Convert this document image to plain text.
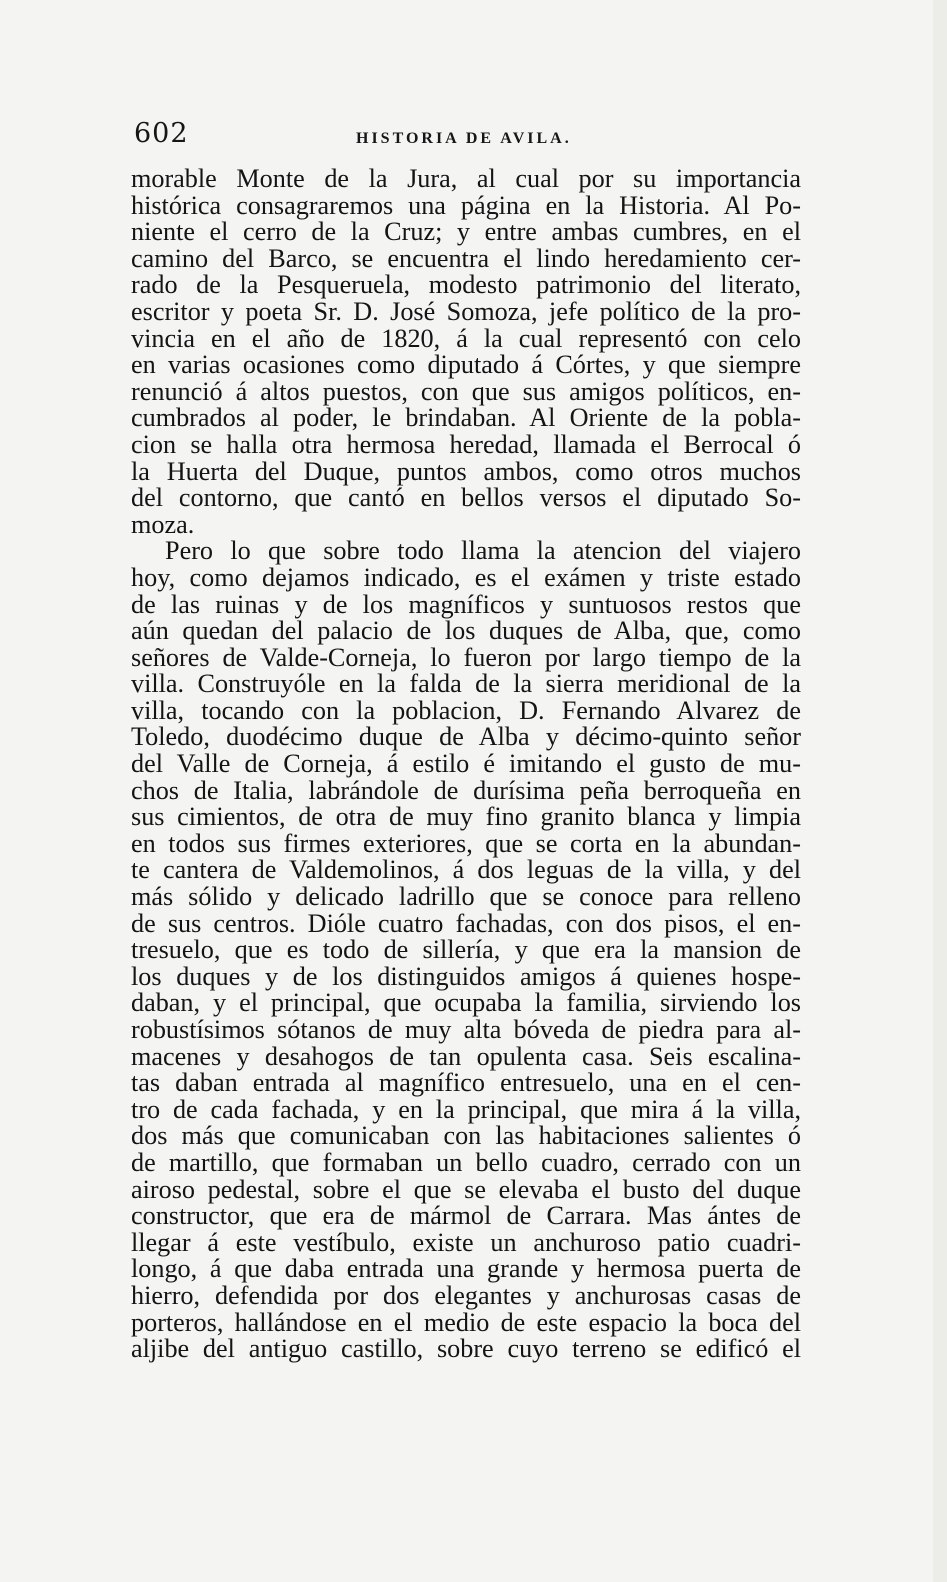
602	HISTORIA DE AVILA.
morable Monte de la Jura, al cual por su importancia
histórica consagraremos una página en la Historia. Al Po-
niente el cerro de la Cruz; y entre ambas cumbres, en el
camino del Barco, se encuentra el lindo heredamiento cer-
rado de la Pesqueruela, modesto patrimonio del literato,
escritor y poeta Sr. D. José Somoza, jefe político de la pro-
vincia en el año de 1820, á la cual representó con celo
en varias ocasiones como diputado á Córtes, y que siempre
renunció á altos puestos, con que sus amigos políticos, en-
cumbrados al poder, le brindaban. Al Oriente de la pobla-
cion se halla otra hermosa heredad, llamada el Berrocal ó
la Huerta del Duque, puntos ambos, como otros muchos
del contorno, que cantó en bellos versos el diputado So-
moza.
Pero lo que sobre todo llama la atencion del viajero
hoy, como dejamos indicado, es el exámen y triste estado
de las ruinas y de los magníficos y suntuosos restos que
aún quedan del palacio de los duques de Alba, que, como
señores de Valde-Corneja, lo fueron por largo tiempo de la
villa. Construyóle en la falda de la sierra meridional de la
villa, tocando con la poblacion, D. Fernando Alvarez de
Toledo, duodécimo duque de Alba y décimo-quinto señor
del Valle de Corneja, á estilo é imitando el gusto de mu-
chos de Italia, labrándole de durísima peña berroqueña en
sus cimientos, de otra de muy fino granito blanca y limpia
en todos sus firmes exteriores, que se corta en la abundan-
te cantera de Valdemolinos, á dos leguas de la villa, y del
más sólido y delicado ladrillo que se conoce para relleno
de sus centros. Dióle cuatro fachadas, con dos pisos, el en-
tresuelo, que es todo de sillería, y que era la mansion de
los duques y de los distinguidos amigos á quienes hospe-
daban, y el principal, que ocupaba la familia, sirviendo los
robustísimos sótanos de muy alta bóveda de piedra para al-
macenes y desahogos de tan opulenta casa. Seis escalina-
tas daban entrada al magnífico entresuelo, una en el cen-
tro de cada fachada, y en la principal, que mira á la villa,
dos más que comunicaban con las habitaciones salientes ó
de martillo, que formaban un bello cuadro, cerrado con un
airoso pedestal, sobre el que se elevaba el busto del duque
constructor, que era de mármol de Carrara. Mas ántes de
llegar á este vestíbulo, existe un anchuroso patio cuadri-
longo, á que daba entrada una grande y hermosa puerta de
hierro, defendida por dos elegantes y anchurosas casas de
porteros, hallándose en el medio de este espacio la boca del
aljibe del antiguo castillo, sobre cuyo terreno se edificó el
